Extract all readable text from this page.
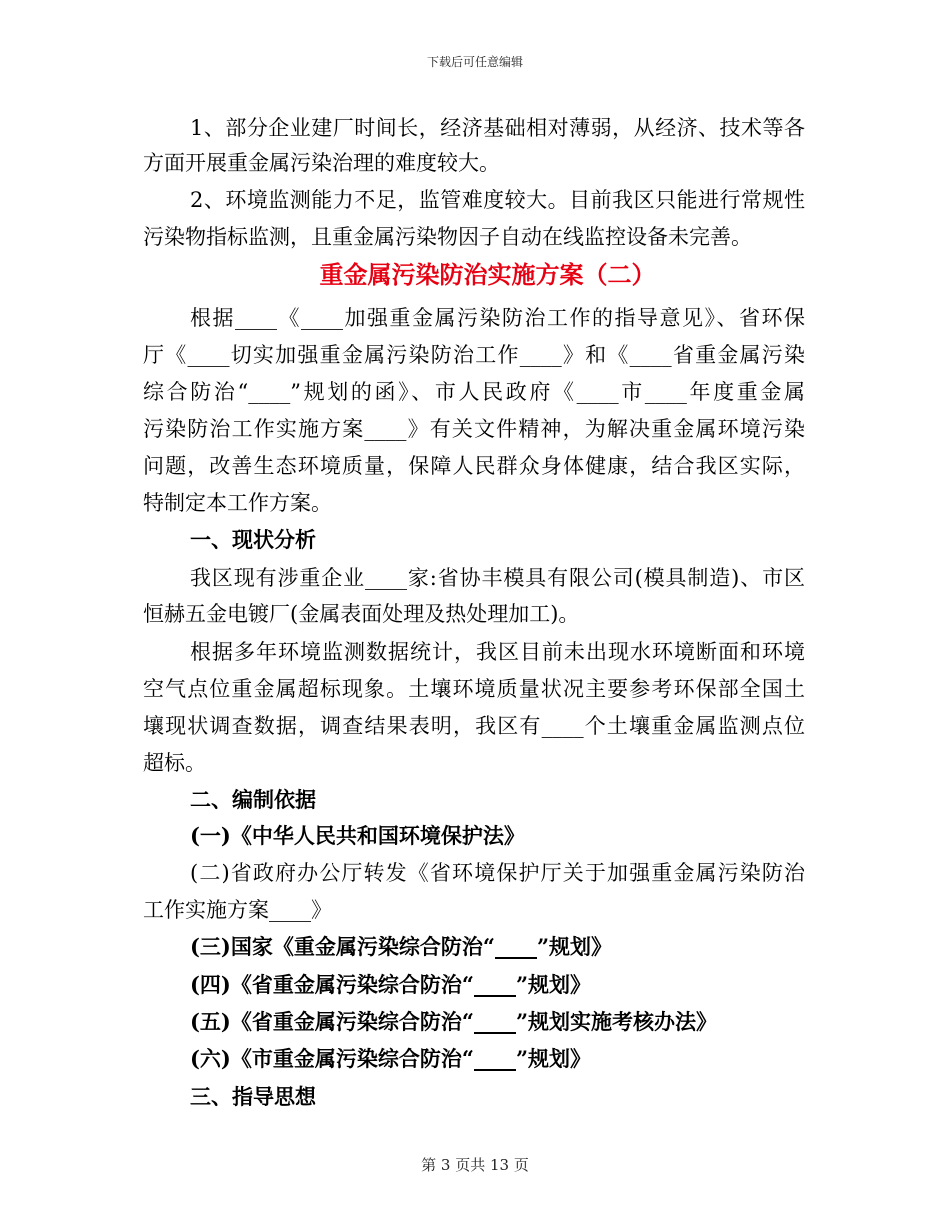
下载后可任意编辑
1、部分企业建厂时间长，经济基础相对薄弱，从经济、技术等各
方面开展重金属污染治理的难度较大。
2、环境监测能力不足，监管难度较大。目前我区只能进行常规性
污染物指标监测，且重金属污染物因子自动在线监控设备未完善。
重金属污染防治实施方案（二）
根据____《____加强重金属污染防治工作的指导意见》、省环保
厅《____切实加强重金属污染防治工作____》和《____省重金属污染
综合防治“____”规划的函》、市人民政府《____市____年度重金属
污染防治工作实施方案____》有关文件精神，为解决重金属环境污染
问题，改善生态环境质量，保障人民群众身体健康，结合我区实际，
特制定本工作方案。
一、现状分析
我区现有涉重企业____家:省协丰模具有限公司(模具制造)、市区
恒赫五金电镀厂(金属表面处理及热处理加工)。
根据多年环境监测数据统计，我区目前未出现水环境断面和环境
空气点位重金属超标现象。土壤环境质量状况主要参考环保部全国土
壤现状调查数据，调查结果表明，我区有____个土壤重金属监测点位
超标。
二、编制依据
(一)《中华人民共和国环境保护法》
(二)省政府办公厅转发《省环境保护厅关于加强重金属污染防治
工作实施方案____》
(三)国家《重金属污染综合防治“____”规划》
(四)《省重金属污染综合防治“____”规划》
(五)《省重金属污染综合防治“____”规划实施考核办法》
(六)《市重金属污染综合防治“____”规划》
三、指导思想
第 3 页共 13 页
